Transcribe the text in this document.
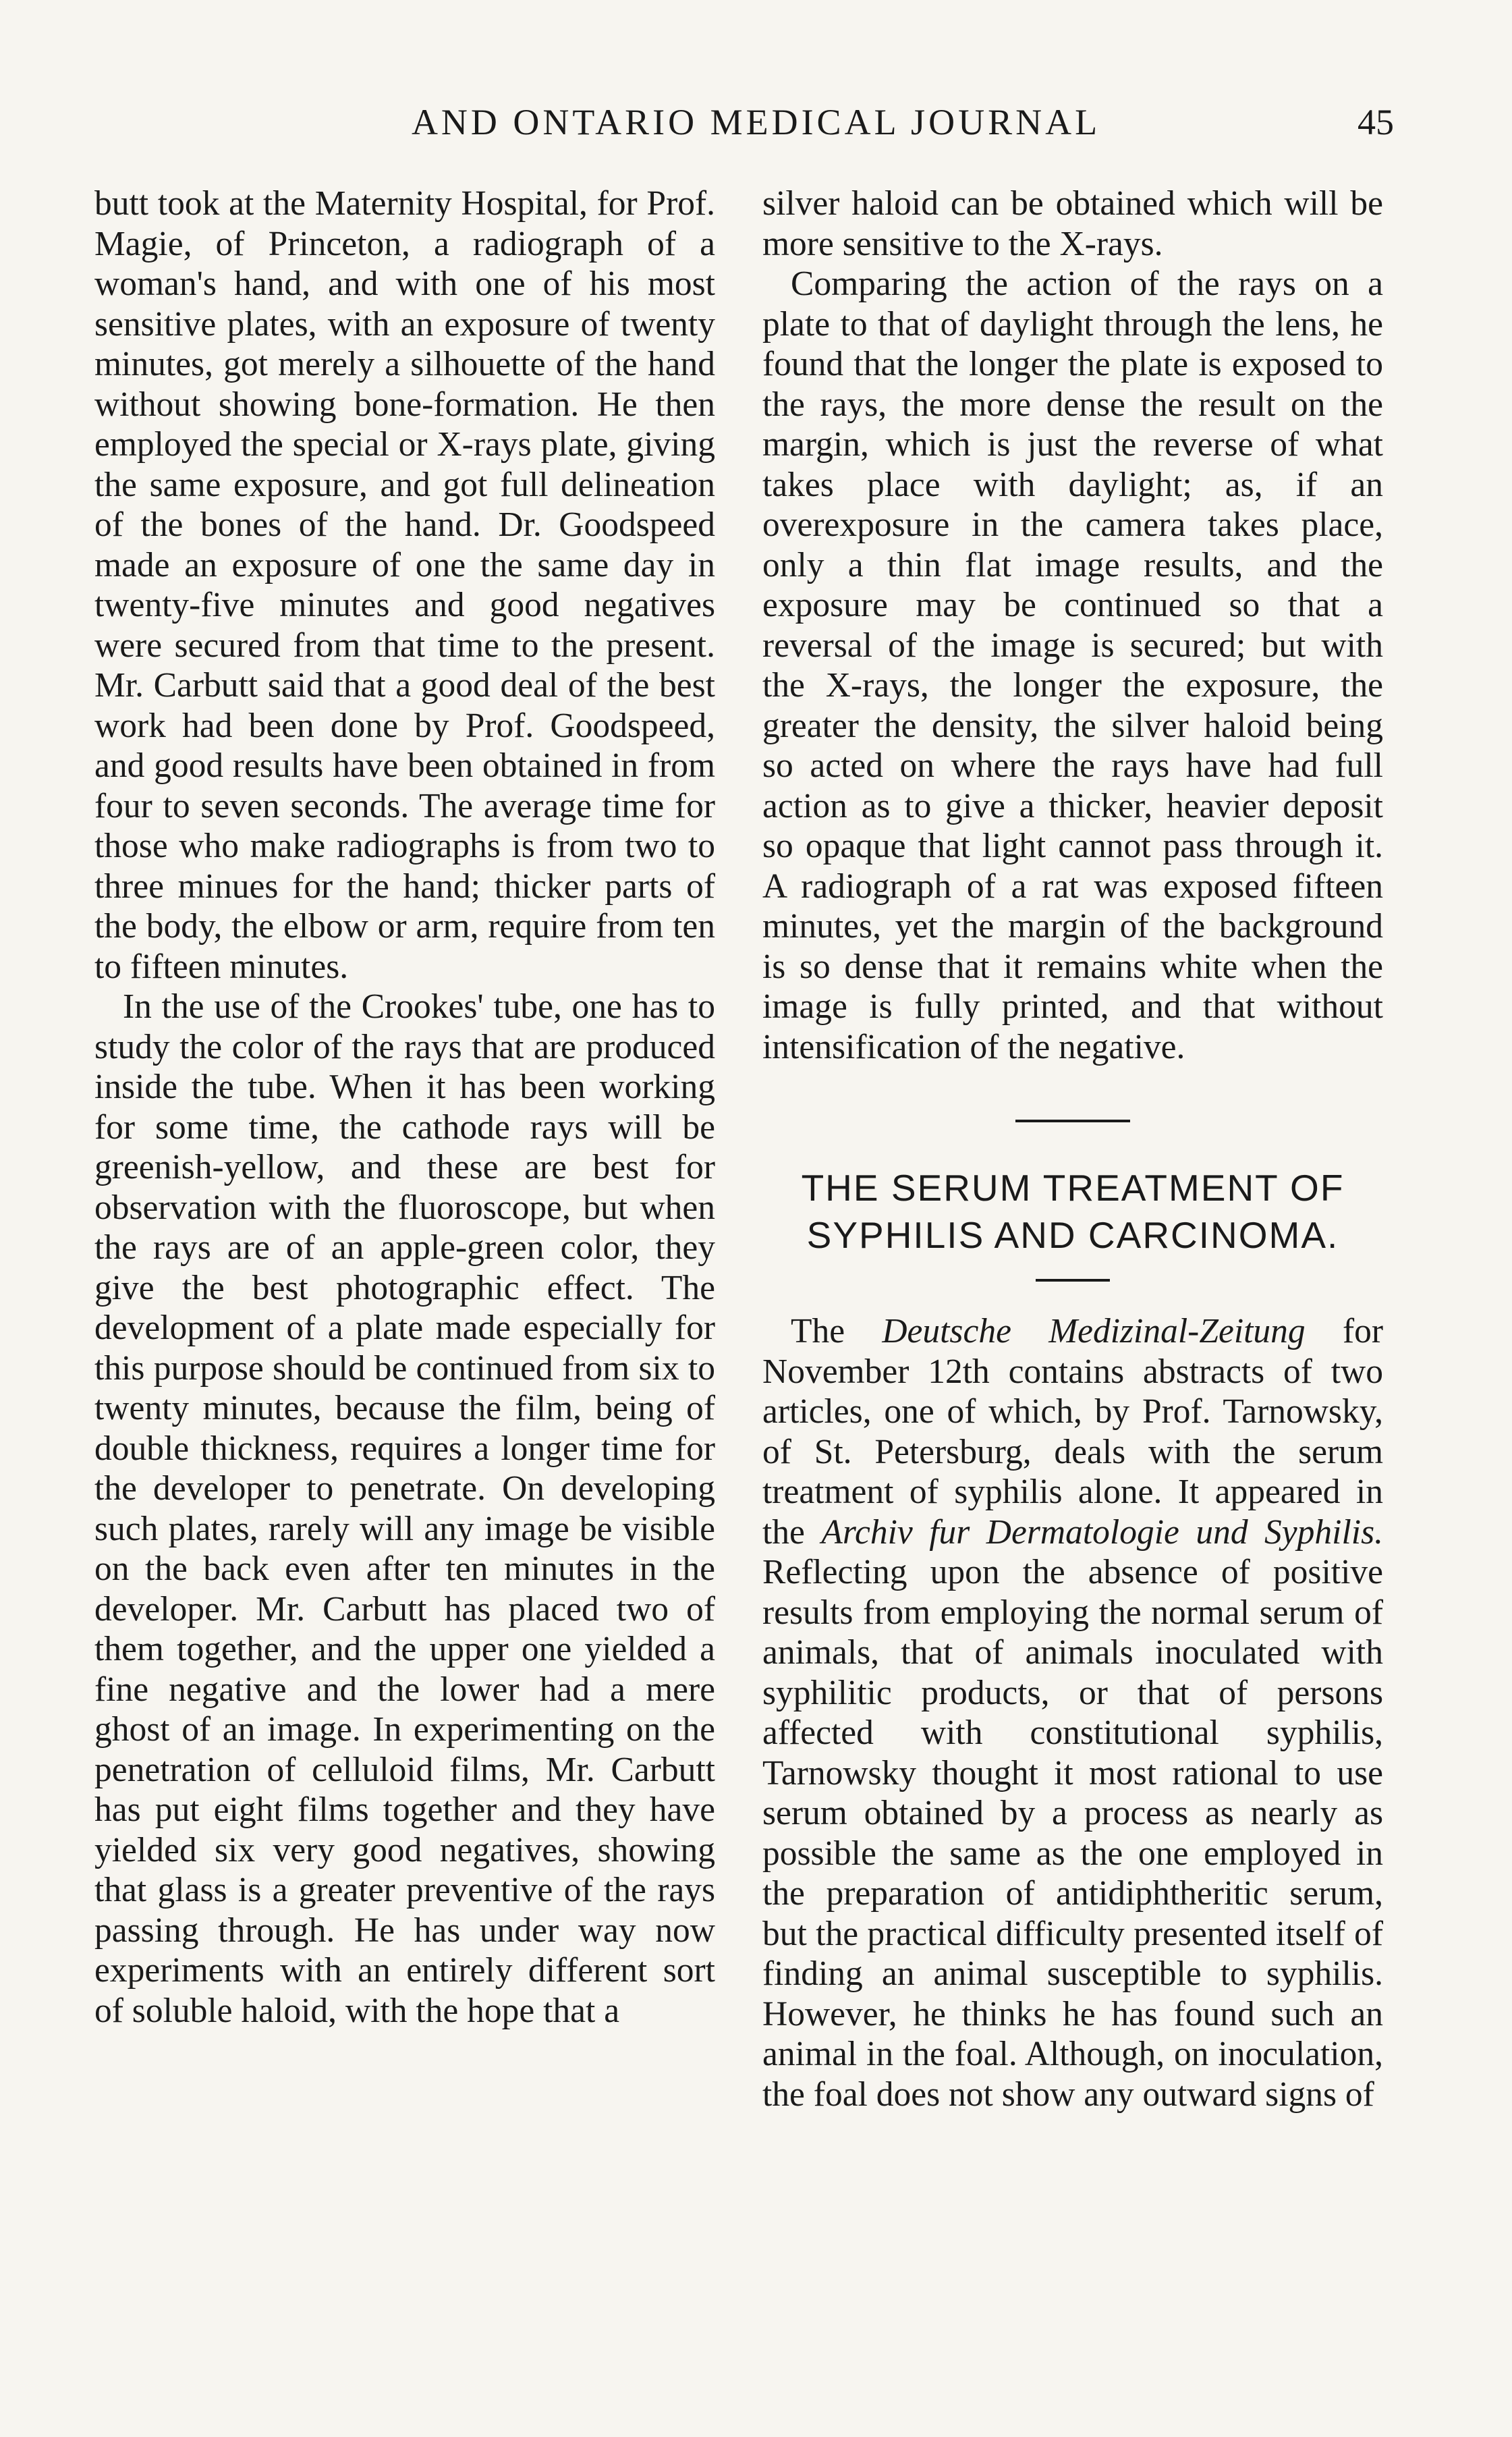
AND ONTARIO MEDICAL JOURNAL	45

butt took at the Maternity Hospital, for Prof. Magie, of Princeton, a radiograph of a woman's hand, and with one of his most sensitive plates, with an exposure of twenty minutes, got merely a silhouette of the hand without showing bone-formation. He then employed the special or X-rays plate, giving the same exposure, and got full delineation of the bones of the hand. Dr. Goodspeed made an exposure of one the same day in twenty-five minutes and good negatives were secured from that time to the present. Mr. Carbutt said that a good deal of the best work had been done by Prof. Goodspeed, and good results have been obtained in from four to seven seconds. The average time for those who make radiographs is from two to three minues for the hand; thicker parts of the body, the elbow or arm, require from ten to fifteen minutes.

In the use of the Crookes' tube, one has to study the color of the rays that are produced inside the tube. When it has been working for some time, the cathode rays will be greenish-yellow, and these are best for observation with the fluoroscope, but when the rays are of an apple-green color, they give the best photographic effect. The development of a plate made especially for this purpose should be continued from six to twenty minutes, because the film, being of double thickness, requires a longer time for the developer to penetrate. On developing such plates, rarely will any image be visible on the back even after ten minutes in the developer. Mr. Carbutt has placed two of them together, and the upper one yielded a fine negative and the lower had a mere ghost of an image. In experimenting on the penetration of celluloid films, Mr. Carbutt has put eight films together and they have yielded six very good negatives, showing that glass is a greater preventive of the rays passing through. He has under way now experiments with an entirely different sort of soluble haloid, with the hope that a

silver haloid can be obtained which will be more sensitive to the X-rays.

Comparing the action of the rays on a plate to that of daylight through the lens, he found that the longer the plate is exposed to the rays, the more dense the result on the margin, which is just the reverse of what takes place with daylight; as, if an overexposure in the camera takes place, only a thin flat image results, and the exposure may be continued so that a reversal of the image is secured; but with the X-rays, the longer the exposure, the greater the density, the silver haloid being so acted on where the rays have had full action as to give a thicker, heavier deposit so opaque that light cannot pass through it. A radiograph of a rat was exposed fifteen minutes, yet the margin of the background is so dense that it remains white when the image is fully printed, and that without intensification of the negative.

THE SERUM TREATMENT OF SYPHILIS AND CARCINOMA.

The Deutsche Medizinal-Zeitung for November 12th contains abstracts of two articles, one of which, by Prof. Tarnowsky, of St. Petersburg, deals with the serum treatment of syphilis alone. It appeared in the Archiv fur Dermatologie und Syphilis. Reflecting upon the absence of positive results from employing the normal serum of animals, that of animals inoculated with syphilitic products, or that of persons affected with constitutional syphilis, Tarnowsky thought it most rational to use serum obtained by a process as nearly as possible the same as the one employed in the preparation of antidiphtheritic serum, but the practical difficulty presented itself of finding an animal susceptible to syphilis. However, he thinks he has found such an animal in the foal. Although, on inoculation, the foal does not show any outward signs of
